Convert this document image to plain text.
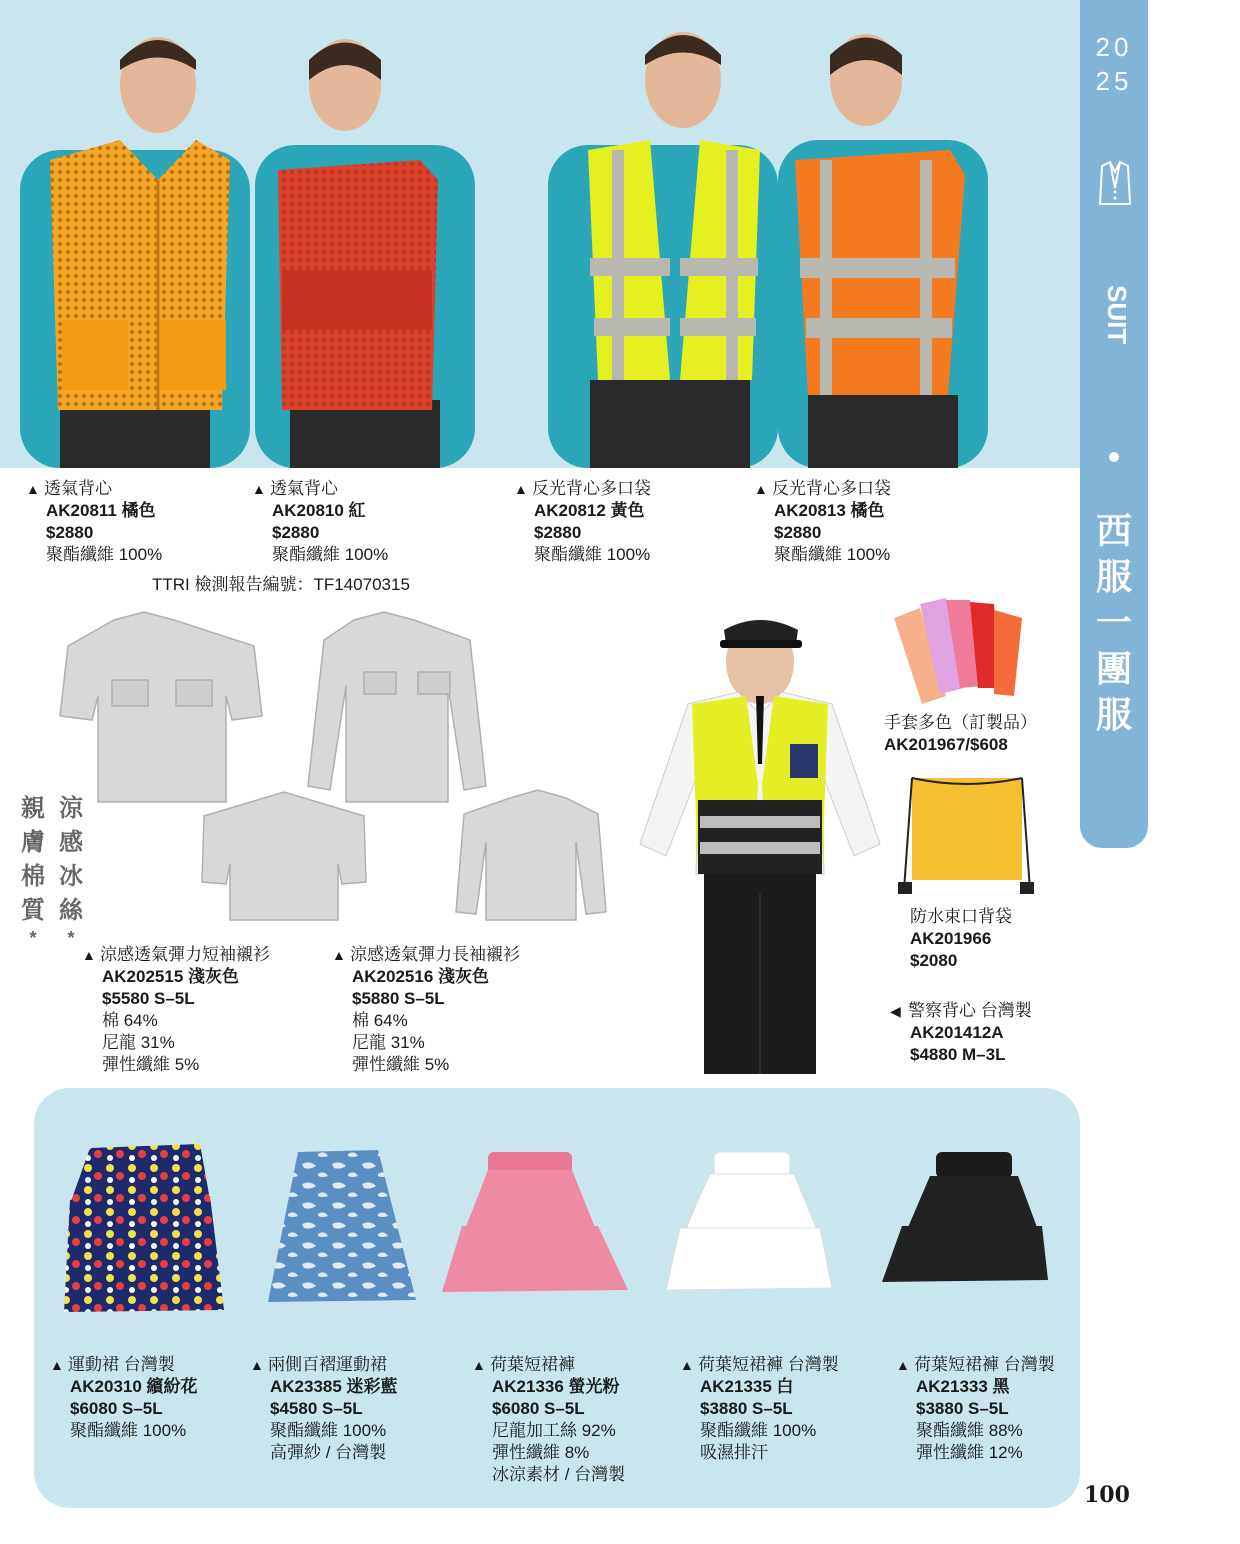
▲ 透氣背心
AK20811 橘色
$2880
聚酯纖維 100%
▲ 透氣背心
AK20810 紅
$2880
聚酯纖維 100%
▲ 反光背心多口袋
AK20812 黃色
$2880
聚酯纖維 100%
▲ 反光背心多口袋
AK20813 橘色
$2880
聚酯纖維 100%
TTRI 檢測報告編號：TF14070315
20
25
SUIT
西
服
一
團
服
親
膚
棉
質
*
涼
感
冰
絲
*
▲ 涼感透氣彈力短袖襯衫
AK202515 淺灰色
$5580 S–5L
棉 64%
尼龍 31%
彈性纖維 5%
▲ 涼感透氣彈力長袖襯衫
AK202516 淺灰色
$5880 S–5L
棉 64%
尼龍 31%
彈性纖維 5%
手套多色（訂製品）
AK201967/$608
防水束口背袋
AK201966
$2080
◀ 警察背心 台灣製
AK201412A
$4880 M–3L
▲ 運動裙 台灣製
AK20310 繽紛花
$6080 S–5L
聚酯纖維 100%
▲ 兩側百褶運動裙
AK23385 迷彩藍
$4580 S–5L
聚酯纖維 100%
高彈紗 / 台灣製
▲ 荷葉短裙褲
AK21336 螢光粉
$6080 S–5L
尼龍加工絲 92%
彈性纖維 8%
冰涼素材 / 台灣製
▲ 荷葉短裙褲 台灣製
AK21335 白
$3880 S–5L
聚酯纖維 100%
吸濕排汗
▲ 荷葉短裙褲 台灣製
AK21333 黑
$3880 S–5L
聚酯纖維 88%
彈性纖維 12%
100
